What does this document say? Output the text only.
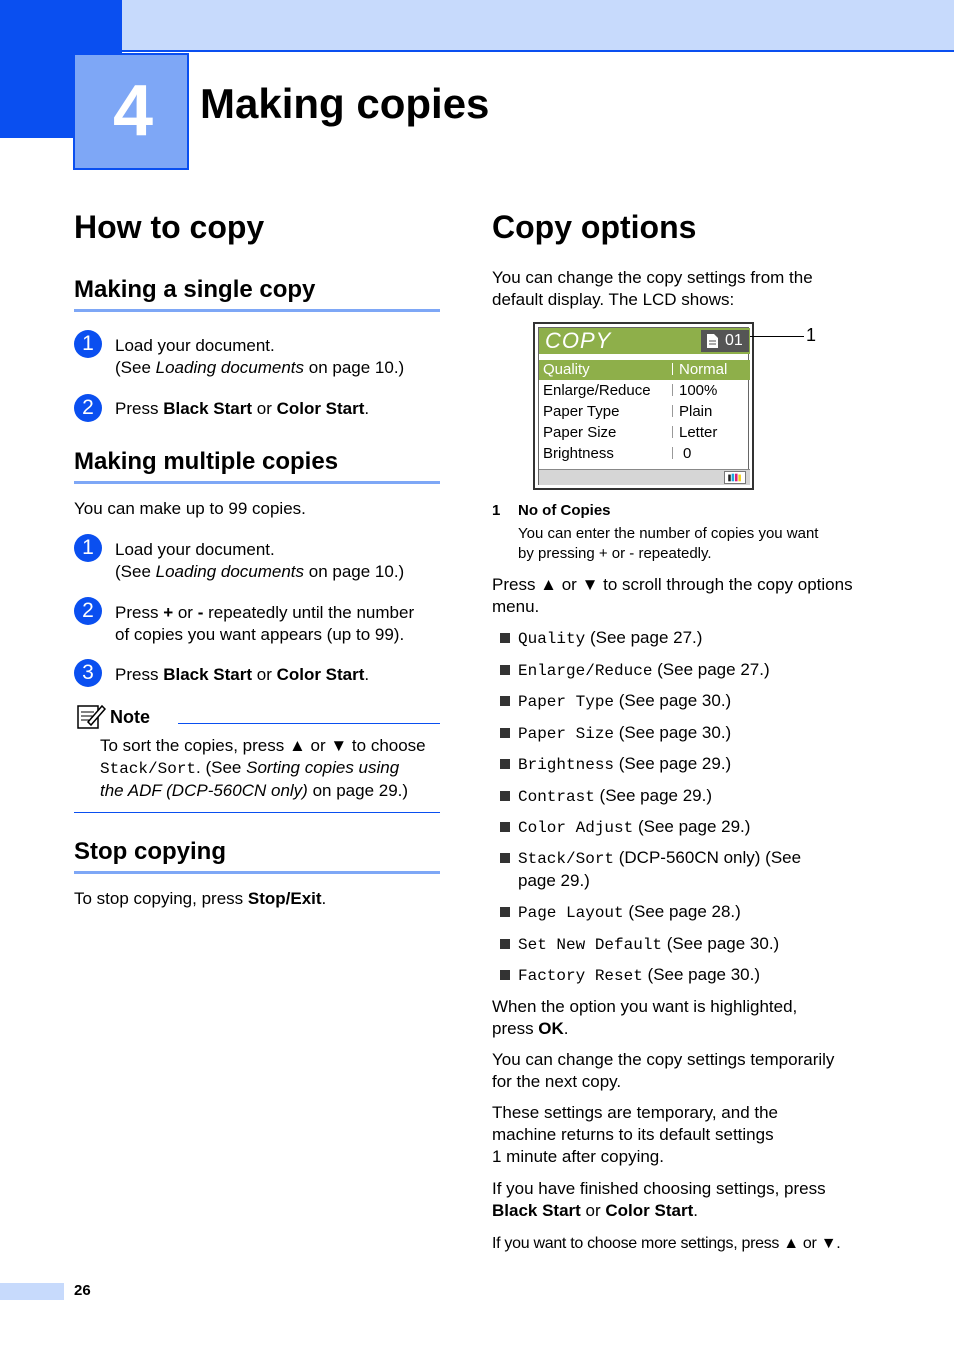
4	Making copies
How to copy
Making a single copy
1	Load your document.
(See Loading documents on page 10.)
2	Press Black Start or Color Start.
Making multiple copies
You can make up to 99 copies.
1	Load your document.
(See Loading documents on page 10.)
2	Press + or - repeatedly until the number
of copies you want appears (up to 99).
3	Press Black Start or Color Start.
Note
To sort the copies, press ▲ or ▼ to choose
Stack/Sort. (See Sorting copies using
the ADF (DCP-560CN only) on page 29.)
Stop copying
To stop copying, press Stop/Exit.
Copy options
You can change the copy settings from the
default display. The LCD shows:
COPY	01
Quality	Normal
Enlarge/Reduce 100%
Paper Type	Plain
Paper Size	Letter
Brightness	0
1
1 No of Copies
You can enter the number of copies you want
by pressing + or - repeatedly.
Press ▲ or ▼ to scroll through the copy options
menu.
Quality (See page 27.)
Enlarge/Reduce (See page 27.)
Paper Type (See page 30.)
Paper Size (See page 30.)
Brightness (See page 29.)
Contrast (See page 29.)
Color Adjust (See page 29.)
Stack/Sort (DCP-560CN only) (See
page 29.)
Page Layout (See page 28.)
Set New Default (See page 30.)
Factory Reset (See page 30.)
When the option you want is highlighted,
press OK.
You can change the copy settings temporarily
for the next copy.
These settings are temporary, and the
machine returns to its default settings
1 minute after copying.
If you have finished choosing settings, press
Black Start or Color Start.
If you want to choose more settings, press ▲ or ▼.
26
